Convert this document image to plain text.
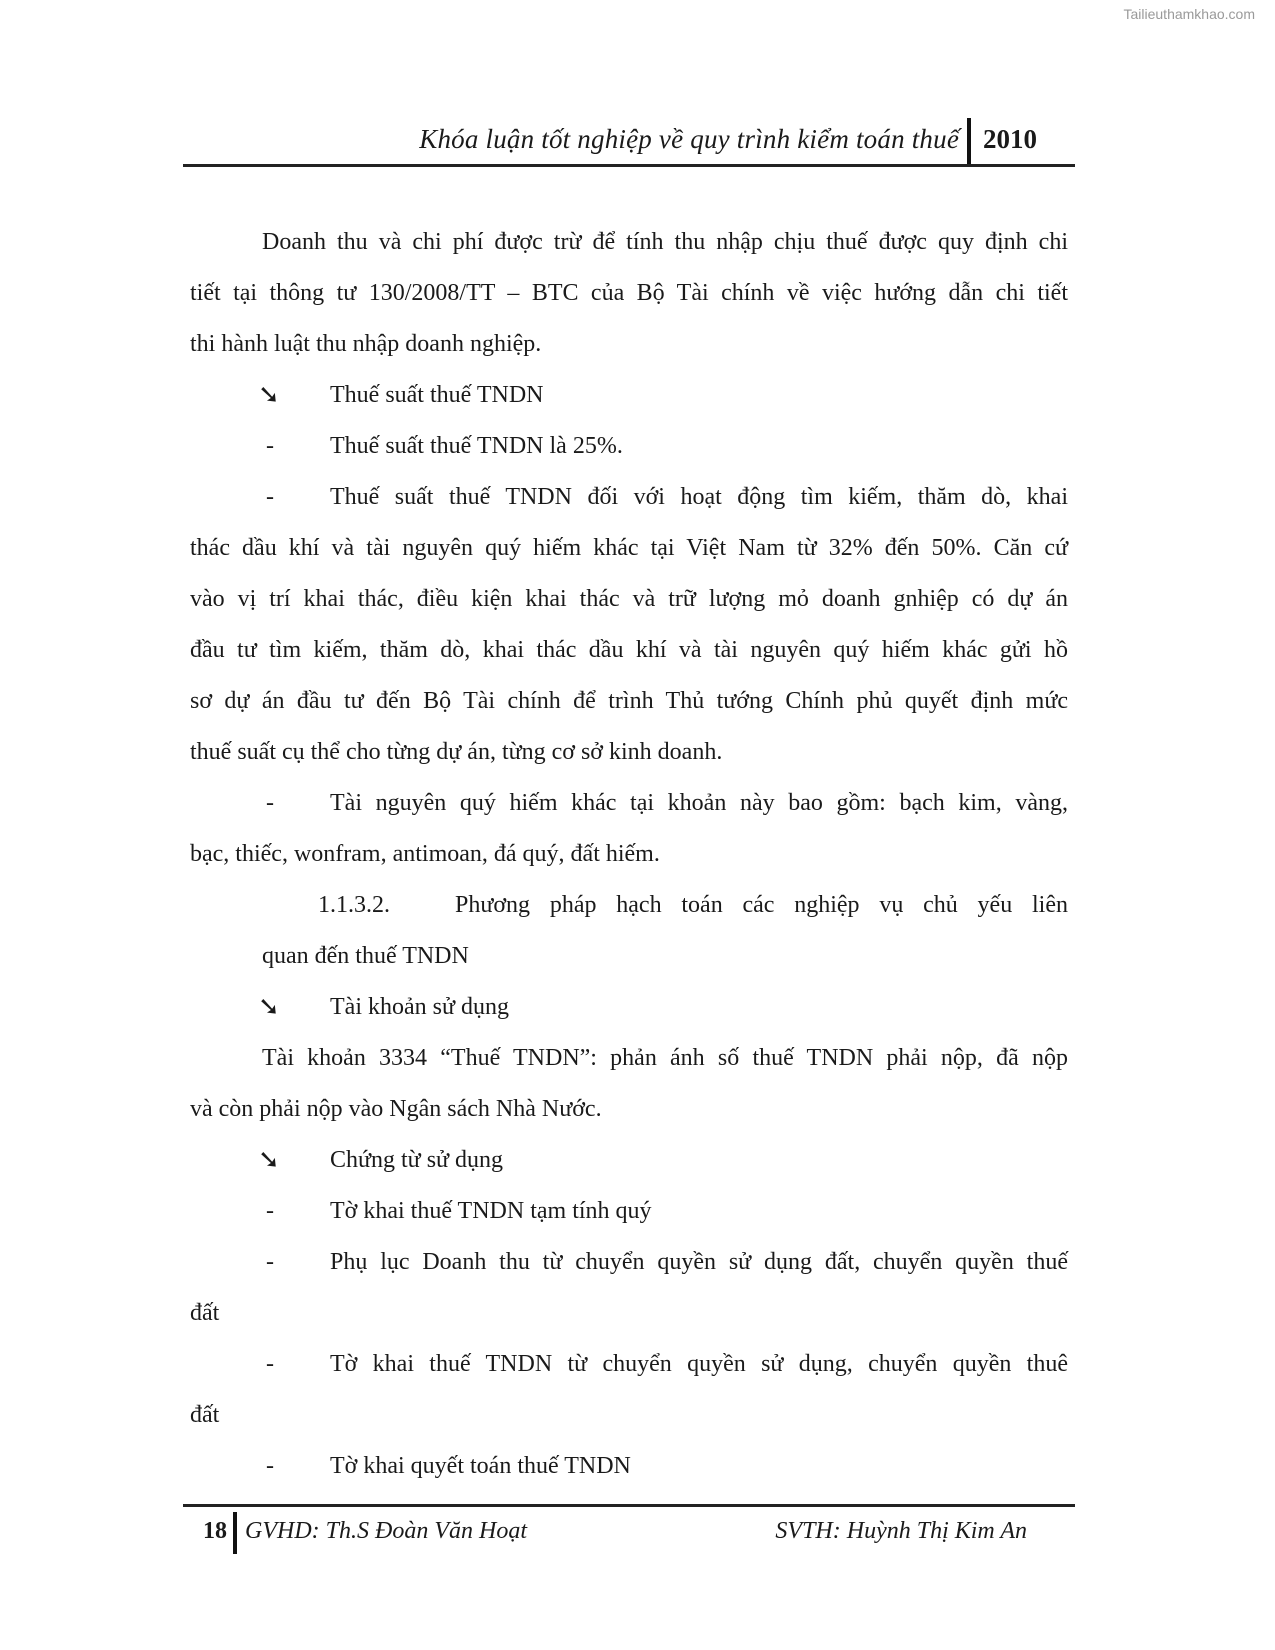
Tailieuthamkhao.com
Khóa luận tốt nghiệp về quy trình kiểm toán thuế 2010
Doanh thu và chi phí được trừ để tính thu nhập chịu thuế được quy định chi
tiết tại thông tư 130/2008/TT – BTC của Bộ Tài chính về việc hướng dẫn chi tiết
thi hành luật thu nhập doanh nghiệp.
➘ Thuế suất thuế TNDN
- Thuế suất thuế TNDN là 25%.
- Thuế suất thuế TNDN đối với hoạt động tìm kiếm, thăm dò, khai
thác dầu khí và tài nguyên quý hiếm khác tại Việt Nam từ 32% đến 50%. Căn cứ
vào vị trí khai thác, điều kiện khai thác và trữ lượng mỏ doanh gnhiệp có dự án
đầu tư tìm kiếm, thăm dò, khai thác dầu khí và tài nguyên quý hiếm khác gửi hồ
sơ dự án đầu tư đến Bộ Tài chính để trình Thủ tướng Chính phủ quyết định mức
thuế suất cụ thể cho từng dự án, từng cơ sở kinh doanh.
- Tài nguyên quý hiếm khác tại khoản này bao gồm: bạch kim, vàng,
bạc, thiếc, wonfram, antimoan, đá quý, đất hiếm.
1.1.3.2.	Phương pháp hạch toán các nghiệp vụ chủ yếu liên
quan đến thuế TNDN
➘ Tài khoản sử dụng
Tài khoản 3334 “Thuế TNDN”: phản ánh số thuế TNDN phải nộp, đã nộp
và còn phải nộp vào Ngân sách Nhà Nước.
➘ Chứng từ sử dụng
- Tờ khai thuế TNDN tạm tính quý
- Phụ lục Doanh thu từ chuyển quyền sử dụng đất, chuyển quyền thuế
đất
- Tờ khai thuế TNDN từ chuyển quyền sử dụng, chuyển quyền thuê
đất
- Tờ khai quyết toán thuế TNDN
18 GVHD: Th.S Đoàn Văn Hoạt	SVTH: Huỳnh Thị Kim An
